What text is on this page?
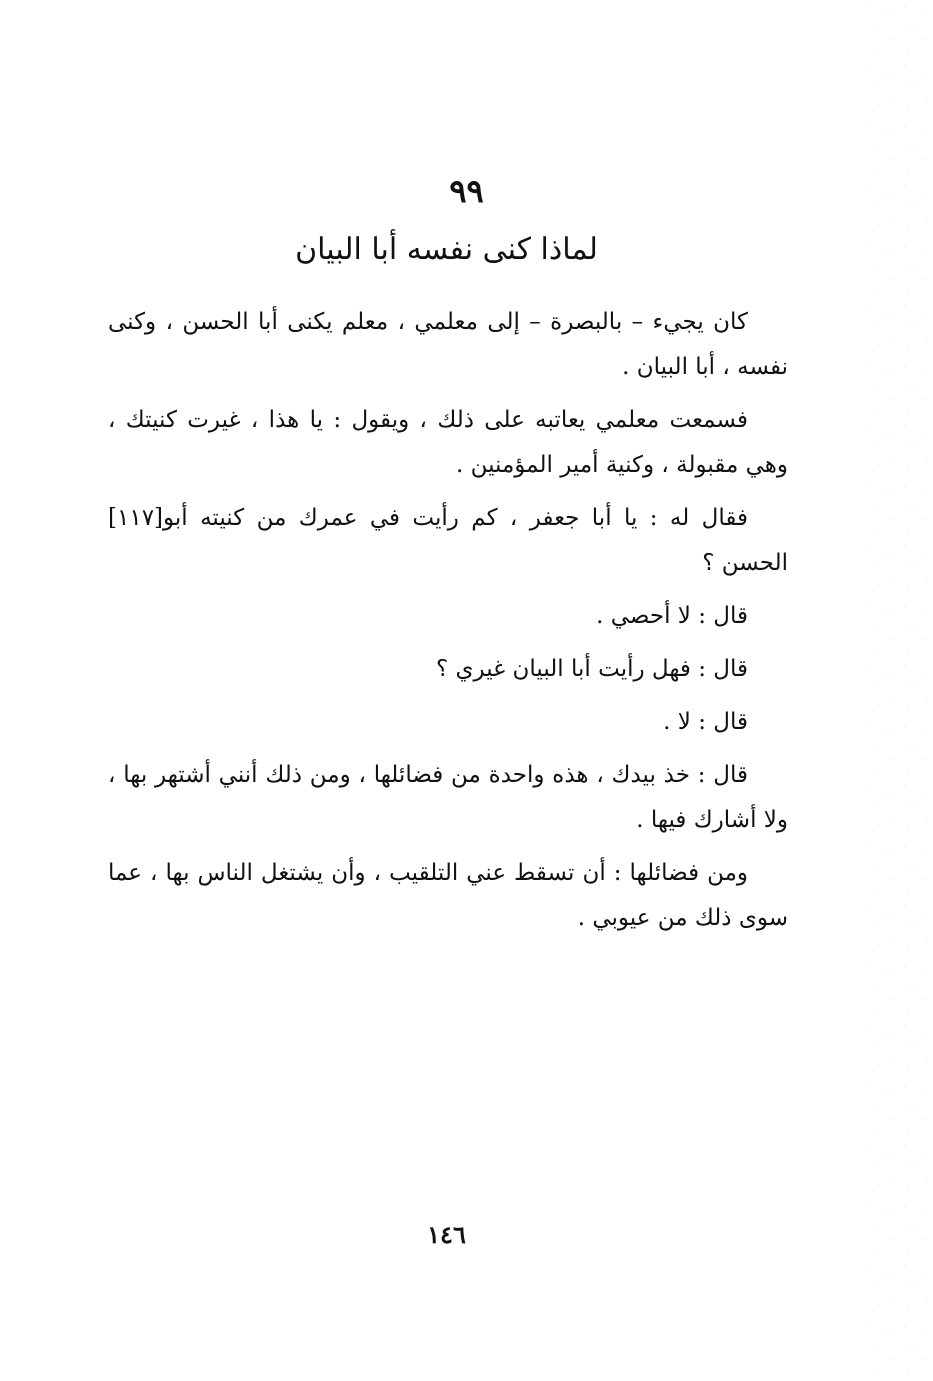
٩٩
لماذا كنى نفسه أبا البيان

كان يجيء – بالبصرة – إلى معلمي ، معلم يكنى أبا الحسن ، وكنى نفسه ، أبا البيان .

فسمعت معلمي يعاتبه على ذلك ، ويقول : يا هذا ، غيرت كنيتك ، وهي مقبولة ، وكنية أمير المؤمنين .

فقال له : يا أبا جعفر ، كم رأيت في عمرك من كنيته أبو[١١٧] الحسن ؟

قال : لا أحصي .

قال : فهل رأيت أبا البيان غيري ؟

قال : لا .

قال : خذ بيدك ، هذه واحدة من فضائلها ، ومن ذلك أنني أشتهر بها ، ولا أشارك فيها .

ومن فضائلها : أن تسقط عني التلقيب ، وأن يشتغل الناس بها ، عما سوى ذلك من عيوبي .

١٤٦
